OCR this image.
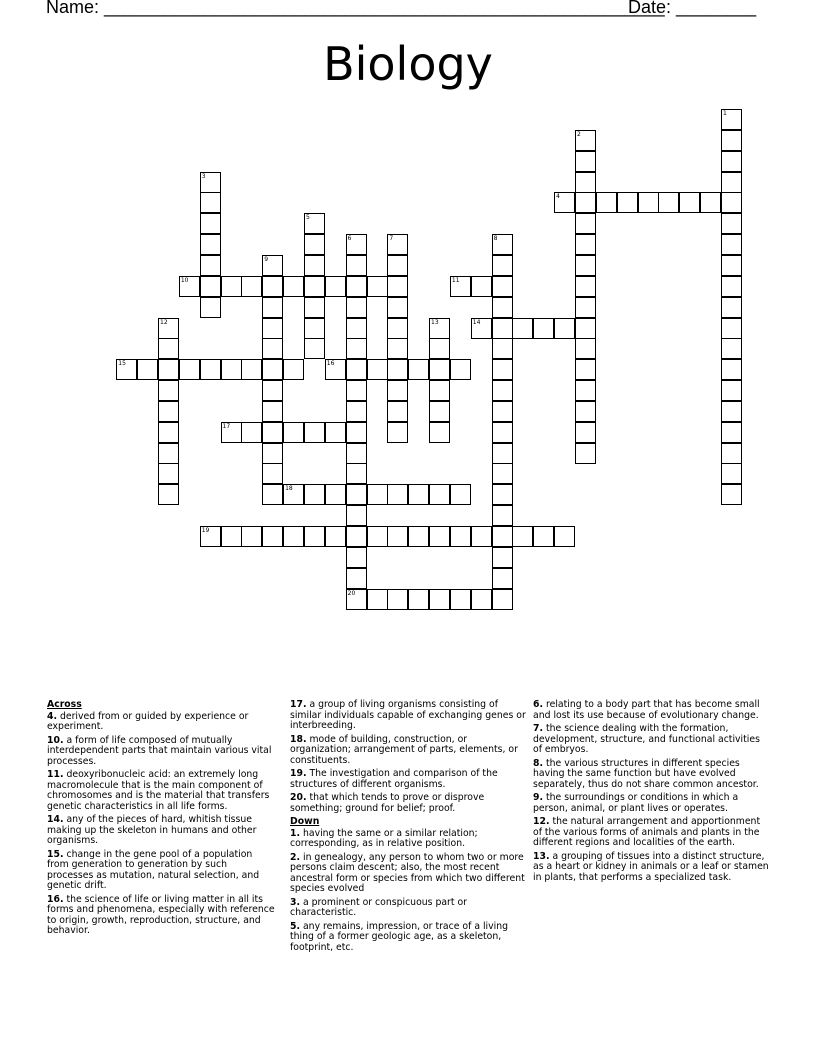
Name: ________________________________________________________
Date: ________
Biology
1
2
3
4
5
6	7	8
9
10	11
12	13	14
15	16
17
18
19
20
Across
4. derived from or guided by experience or experiment.
10. a form of life composed of mutually interdependent parts that maintain various vital processes.
11. deoxyribonucleic acid: an extremely long macromolecule that is the main component of chromosomes and is the material that transfers genetic characteristics in all life forms.
14. any of the pieces of hard, whitish tissue making up the skeleton in humans and other organisms.
15. change in the gene pool of a population from generation to generation by such processes as mutation, natural selection, and genetic drift.
16. the science of life or living matter in all its forms and phenomena, especially with reference to origin, growth, reproduction, structure, and behavior.
17. a group of living organisms consisting of similar individuals capable of exchanging genes or interbreeding.
18. mode of building, construction, or organization; arrangement of parts, elements, or constituents.
19. The investigation and comparison of the structures of different organisms.
20. that which tends to prove or disprove something; ground for belief; proof.
Down
1. having the same or a similar relation; corresponding, as in relative position.
2. in genealogy, any person to whom two or more persons claim descent; also, the most recent ancestral form or species from which two different species evolved
3. a prominent or conspicuous part or characteristic.
5. any remains, impression, or trace of a living thing of a former geologic age, as a skeleton, footprint, etc.
6. relating to a body part that has become small and lost its use because of evolutionary change.
7. the science dealing with the formation, development, structure, and functional activities of embryos.
8. the various structures in different species having the same function but have evolved separately, thus do not share common ancestor.
9. the surroundings or conditions in which a person, animal, or plant lives or operates.
12. the natural arrangement and apportionment of the various forms of animals and plants in the different regions and localities of the earth.
13. a grouping of tissues into a distinct structure, as a heart or kidney in animals or a leaf or stamen in plants, that performs a specialized task.
